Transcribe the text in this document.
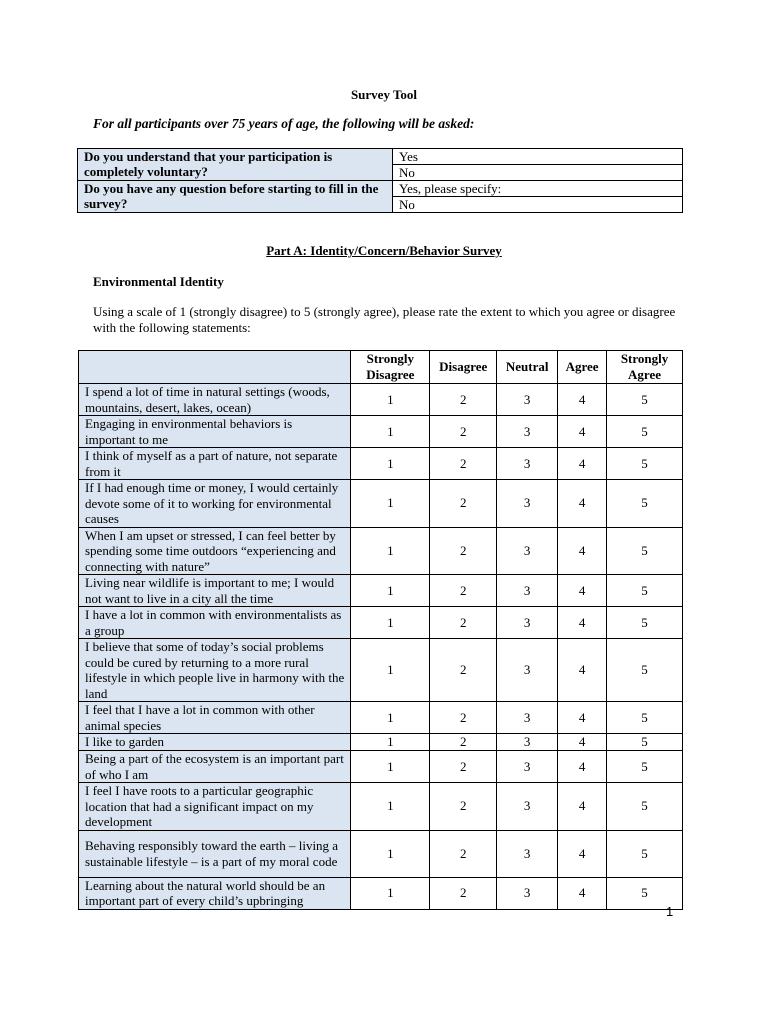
Survey Tool
For all participants over 75 years of age, the following will be asked:
Do you understand that your participation is completely voluntary?	Yes
	No
Do you have any question before starting to fill in the survey?	Yes, please specify:
	No
Part A: Identity/Concern/Behavior Survey
Environmental Identity
Using a scale of 1 (strongly disagree) to 5 (strongly agree), please rate the extent to which you agree or disagree with the following statements:
	Strongly Disagree	Disagree	Neutral	Agree	Strongly Agree
I spend a lot of time in natural settings (woods, mountains, desert, lakes, ocean)	1	2	3	4	5
Engaging in environmental behaviors is important to me	1	2	3	4	5
I think of myself as a part of nature, not separate from it	1	2	3	4	5
If I had enough time or money, I would certainly devote some of it to working for environmental causes	1	2	3	4	5
When I am upset or stressed, I can feel better by spending some time outdoors “experiencing and connecting with nature”	1	2	3	4	5
Living near wildlife is important to me; I would not want to live in a city all the time	1	2	3	4	5
I have a lot in common with environmentalists as a group	1	2	3	4	5
I believe that some of today’s social problems could be cured by returning to a more rural lifestyle in which people live in harmony with the land	1	2	3	4	5
I feel that I have a lot in common with other animal species	1	2	3	4	5
I like to garden	1	2	3	4	5
Being a part of the ecosystem is an important part of who I am	1	2	3	4	5
I feel I have roots to a particular geographic location that had a significant impact on my development	1	2	3	4	5
Behaving responsibly toward the earth – living a sustainable lifestyle – is a part of my moral code	1	2	3	4	5
Learning about the natural world should be an important part of every child’s upbringing	1	2	3	4	5
1
